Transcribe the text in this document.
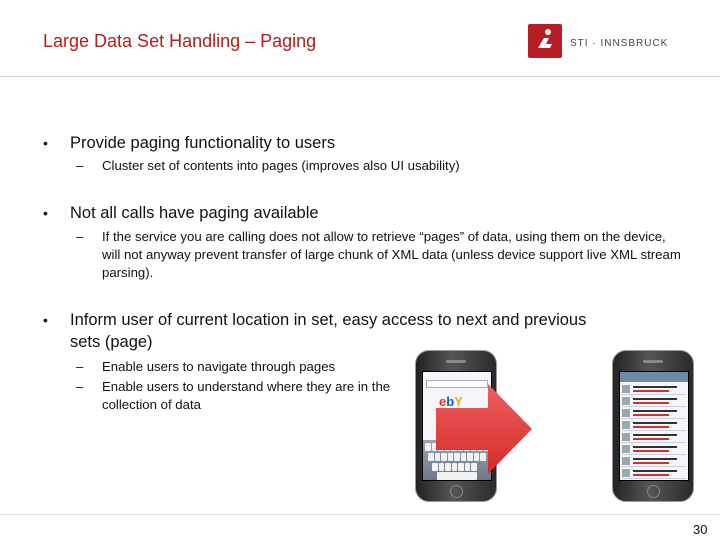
Large Data Set Handling – Paging	STI · INNSBRUCK
• Provide paging functionality to users
– Cluster set of contents into pages (improves also UI usability)
• Not all calls have paging available
– If the service you are calling does not allow to retrieve “pages” of data, using them on the device, will not anyway prevent transfer of large chunk of XML data (unless device support live XML stream parsing).
• Inform user of current location in set, easy access to next and previous
sets (page)
– Enable users to navigate through pages
– Enable users to understand where they are in the collection of data	ebY
30
